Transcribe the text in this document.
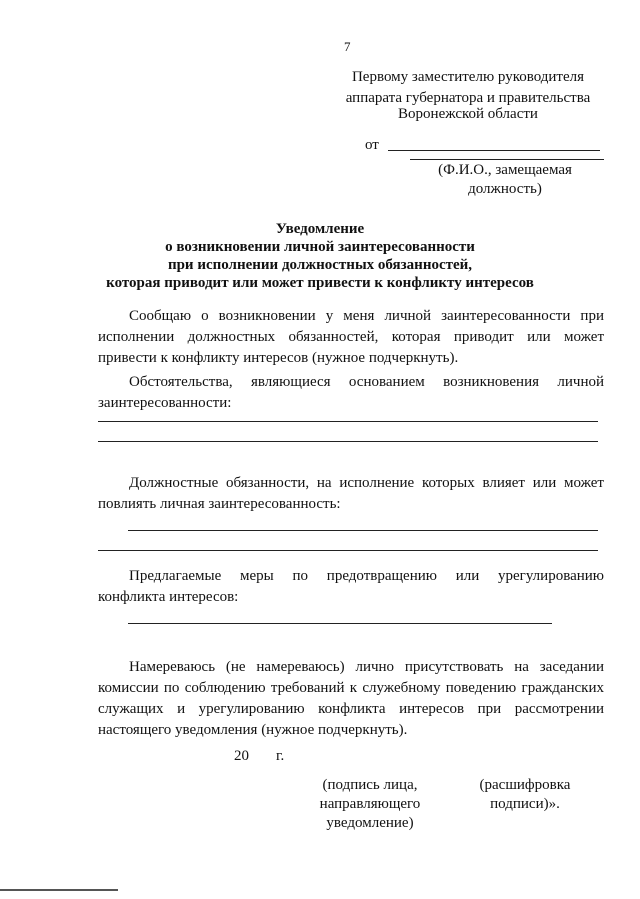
7
Первому заместителю руководителя
аппарата губернатора и правительства
Воронежской области
от
(Ф.И.О., замещаемая
должность)
Уведомление
о возникновении личной заинтересованности
при исполнении должностных обязанностей,
которая приводит или может привести к конфликту интересов
Сообщаю о возникновении у меня личной заинтересованности при
исполнении должностных обязанностей, которая приводит или может
привести к конфликту интересов (нужное подчеркнуть).
Обстоятельства, являющиеся основанием возникновения личной
заинтересованности:
Должностные обязанности, на исполнение которых влияет или может
повлиять личная заинтересованность:
Предлагаемые меры по предотвращению или урегулированию
конфликта интересов:
Намереваюсь (не намереваюсь) лично присутствовать на заседании
комиссии по соблюдению требований к служебному поведению гражданских
служащих и урегулированию конфликта интересов при рассмотрении
настоящего уведомления (нужное подчеркнуть).
20 г.
(подпись лица,
направляющего
уведомление)
(расшифровка
подписи)».
